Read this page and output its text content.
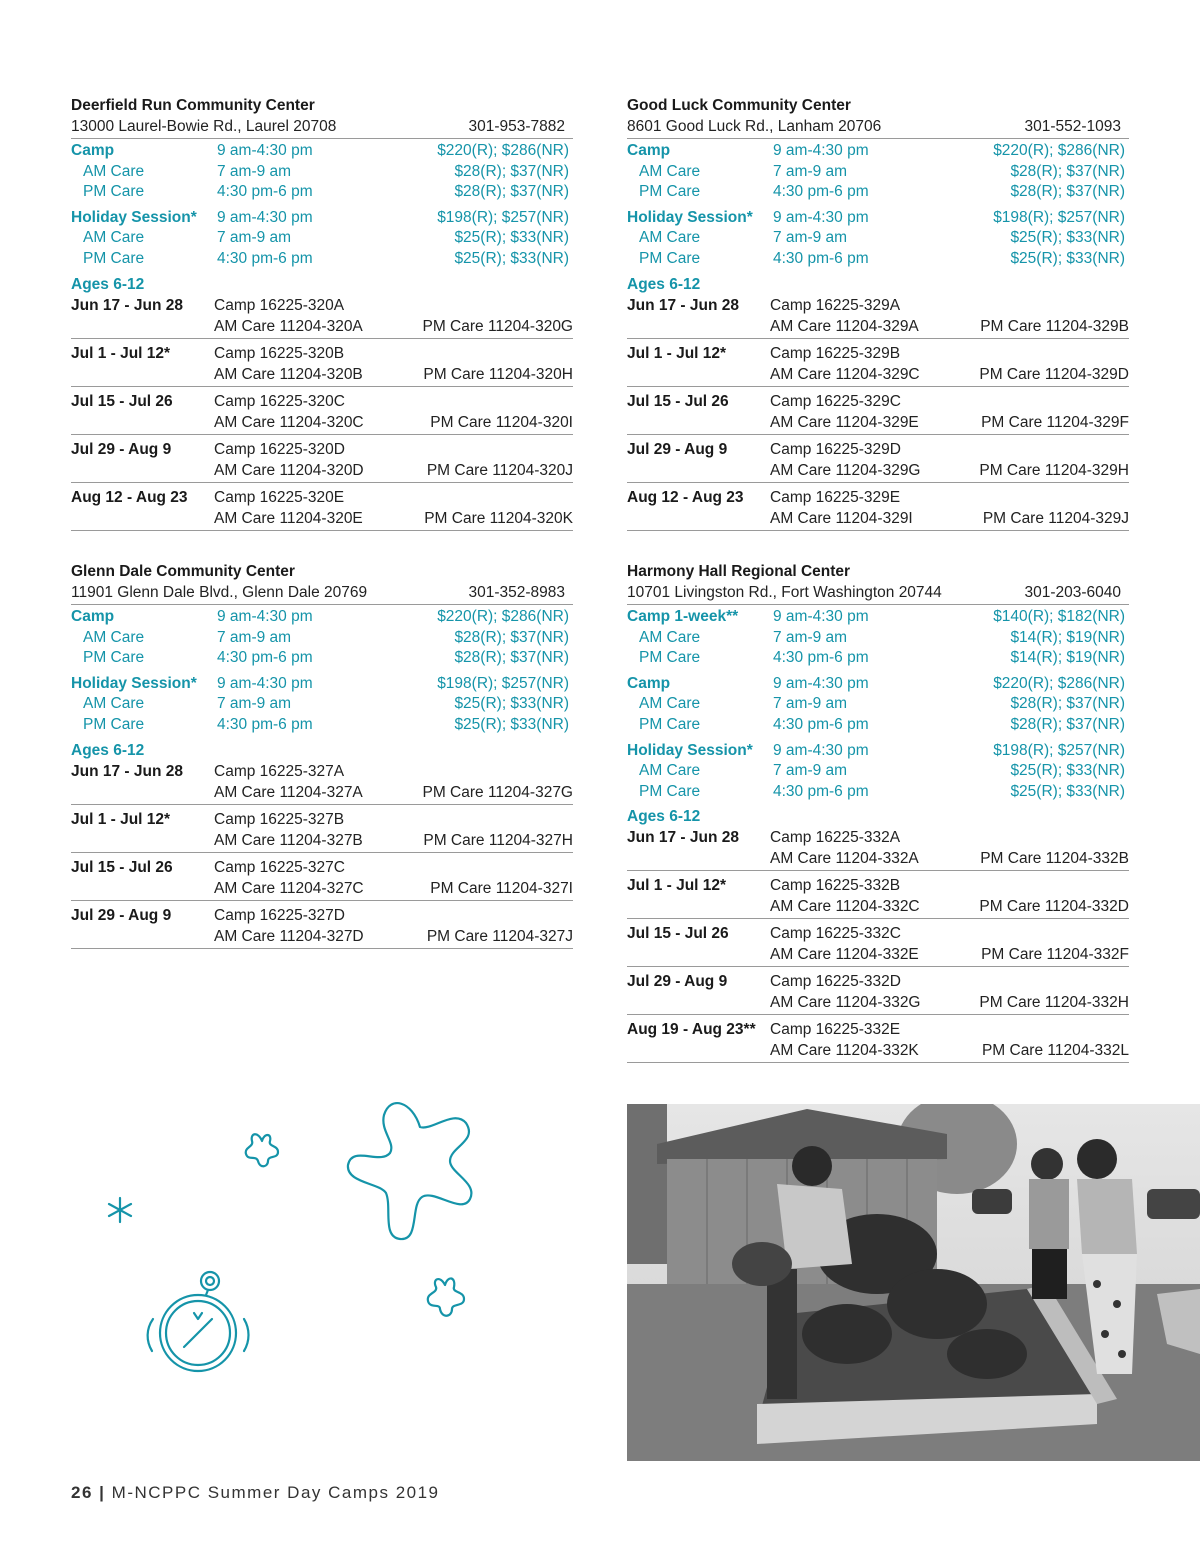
Deerfield Run Community Center
13000 Laurel-Bowie Rd., Laurel 20708	301-953-7882
Camp	9 am-4:30 pm	$220(R); $286(NR)
AM Care	7 am-9 am	$28(R); $37(NR)
PM Care	4:30 pm-6 pm	$28(R); $37(NR)
Holiday Session*	9 am-4:30 pm	$198(R); $257(NR)
AM Care	7 am-9 am	$25(R); $33(NR)
PM Care	4:30 pm-6 pm	$25(R); $33(NR)
Ages 6-12
Jun 17 - Jun 28	Camp 16225-320A
AM Care 11204-320A	PM Care 11204-320G
Jul 1 - Jul 12*	Camp 16225-320B
AM Care 11204-320B	PM Care 11204-320H
Jul 15 - Jul 26	Camp 16225-320C
AM Care 11204-320C	PM Care 11204-320I
Jul 29 - Aug 9	Camp 16225-320D
AM Care 11204-320D	PM Care 11204-320J
Aug 12 - Aug 23	Camp 16225-320E
AM Care 11204-320E	PM Care 11204-320K
Good Luck Community Center
8601 Good Luck Rd., Lanham 20706	301-552-1093
Camp	9 am-4:30 pm	$220(R); $286(NR)
AM Care	7 am-9 am	$28(R); $37(NR)
PM Care	4:30 pm-6 pm	$28(R); $37(NR)
Holiday Session*	9 am-4:30 pm	$198(R); $257(NR)
AM Care	7 am-9 am	$25(R); $33(NR)
PM Care	4:30 pm-6 pm	$25(R); $33(NR)
Ages 6-12
Jun 17 - Jun 28	Camp 16225-329A
AM Care 11204-329A	PM Care 11204-329B
Jul 1 - Jul 12*	Camp 16225-329B
AM Care 11204-329C	PM Care 11204-329D
Jul 15 - Jul 26	Camp 16225-329C
AM Care 11204-329E	PM Care 11204-329F
Jul 29 - Aug 9	Camp 16225-329D
AM Care 11204-329G	PM Care 11204-329H
Aug 12 - Aug 23	Camp 16225-329E
AM Care 11204-329I	PM Care 11204-329J
Glenn Dale Community Center
11901 Glenn Dale Blvd., Glenn Dale 20769	301-352-8983
Camp	9 am-4:30 pm	$220(R); $286(NR)
AM Care	7 am-9 am	$28(R); $37(NR)
PM Care	4:30 pm-6 pm	$28(R); $37(NR)
Holiday Session*	9 am-4:30 pm	$198(R); $257(NR)
AM Care	7 am-9 am	$25(R); $33(NR)
PM Care	4:30 pm-6 pm	$25(R); $33(NR)
Ages 6-12
Jun 17 - Jun 28	Camp 16225-327A
AM Care 11204-327A	PM Care 11204-327G
Jul 1 - Jul 12*	Camp 16225-327B
AM Care 11204-327B	PM Care 11204-327H
Jul 15 - Jul 26	Camp 16225-327C
AM Care 11204-327C	PM Care 11204-327I
Jul 29 - Aug 9	Camp 16225-327D
AM Care 11204-327D	PM Care 11204-327J
Harmony Hall Regional Center
10701 Livingston Rd., Fort Washington 20744	301-203-6040
Camp 1-week**	9 am-4:30 pm	$140(R); $182(NR)
AM Care	7 am-9 am	$14(R); $19(NR)
PM Care	4:30 pm-6 pm	$14(R); $19(NR)
Camp	9 am-4:30 pm	$220(R); $286(NR)
AM Care	7 am-9 am	$28(R); $37(NR)
PM Care	4:30 pm-6 pm	$28(R); $37(NR)
Holiday Session*	9 am-4:30 pm	$198(R); $257(NR)
AM Care	7 am-9 am	$25(R); $33(NR)
PM Care	4:30 pm-6 pm	$25(R); $33(NR)
Ages 6-12
Jun 17 - Jun 28	Camp 16225-332A
AM Care 11204-332A	PM Care 11204-332B
Jul 1 - Jul 12*	Camp 16225-332B
AM Care 11204-332C	PM Care 11204-332D
Jul 15 - Jul 26	Camp 16225-332C
AM Care 11204-332E	PM Care 11204-332F
Jul 29 - Aug 9	Camp 16225-332D
AM Care 11204-332G	PM Care 11204-332H
Aug 19 - Aug 23** Camp 16225-332E
AM Care 11204-332K	PM Care 11204-332L
26 | M-NCPPC Summer Day Camps 2019
